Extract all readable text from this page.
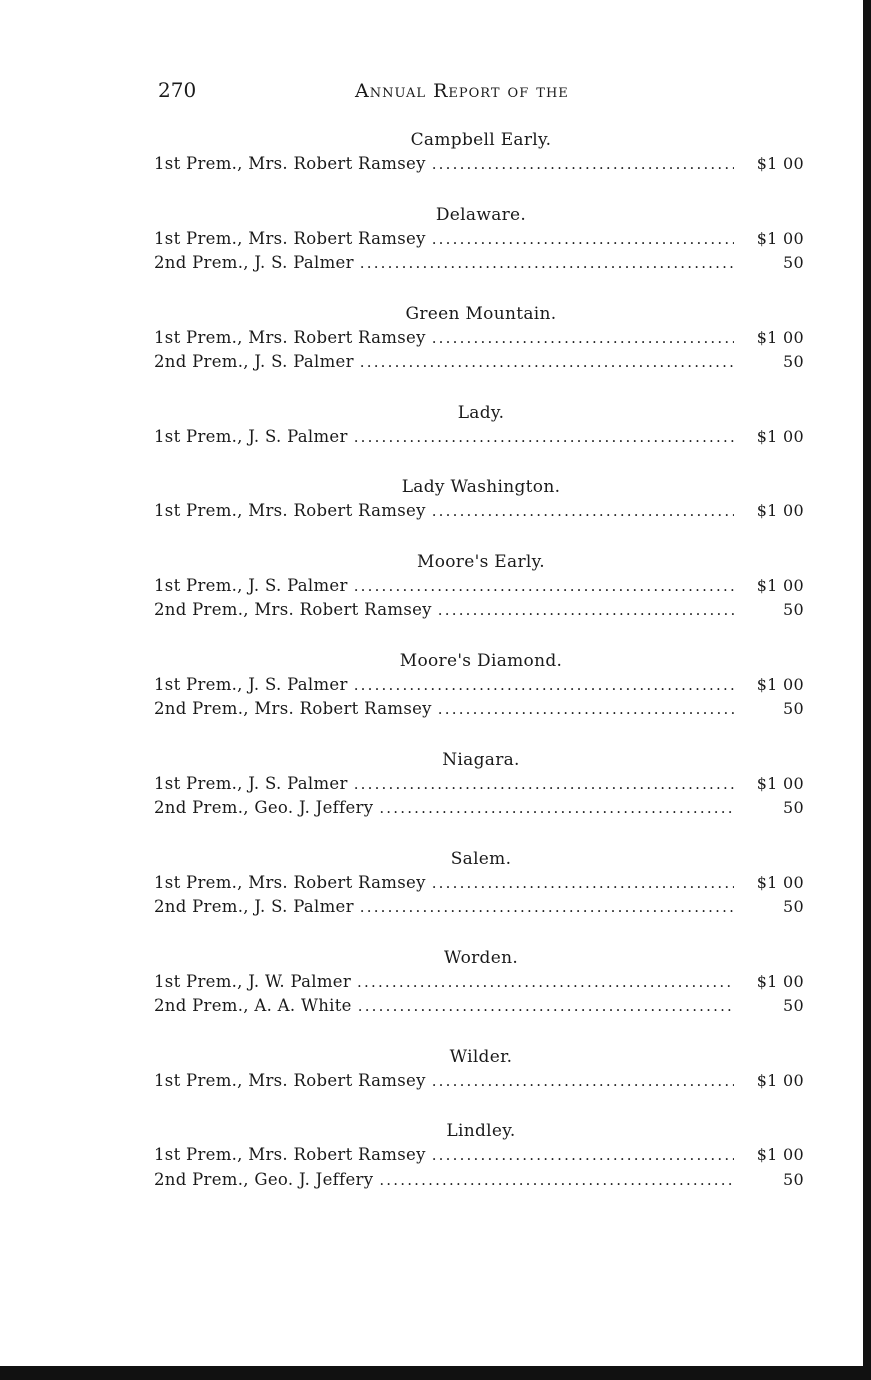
270	Annual Report of the
Campbell Early.
1st Prem., Mrs. Robert Ramsey .....	$1 00
Delaware.
1st Prem., Mrs. Robert Ramsey .....	$1 00
2nd Prem., J. S. Palmer .....	50
Green Mountain.
1st Prem., Mrs. Robert Ramsey .....	$1 00
2nd Prem., J. S. Palmer .....	50
Lady.
1st Prem., J. S. Palmer .....	$1 00
Lady Washington.
1st Prem., Mrs. Robert Ramsey .....	$1 00
Moore's Early.
1st Prem., J. S. Palmer .....	$1 00
2nd Prem., Mrs. Robert Ramsey .....	50
Moore's Diamond.
1st Prem., J. S. Palmer .....	$1 00
2nd Prem., Mrs. Robert Ramsey .....	50
Niagara.
1st Prem., J. S. Palmer .....	$1 00
2nd Prem., Geo. J. Jeffery .....	50
Salem.
1st Prem., Mrs. Robert Ramsey .....	$1 00
2nd Prem., J. S. Palmer .....	50
Worden.
1st Prem., J. W. Palmer .....	$1 00
2nd Prem., A. A. White .....	50
Wilder.
1st Prem., Mrs. Robert Ramsey .....	$1 00
Lindley.
1st Prem., Mrs. Robert Ramsey .....	$1 00
2nd Prem., Geo. J. Jeffery .....	50
